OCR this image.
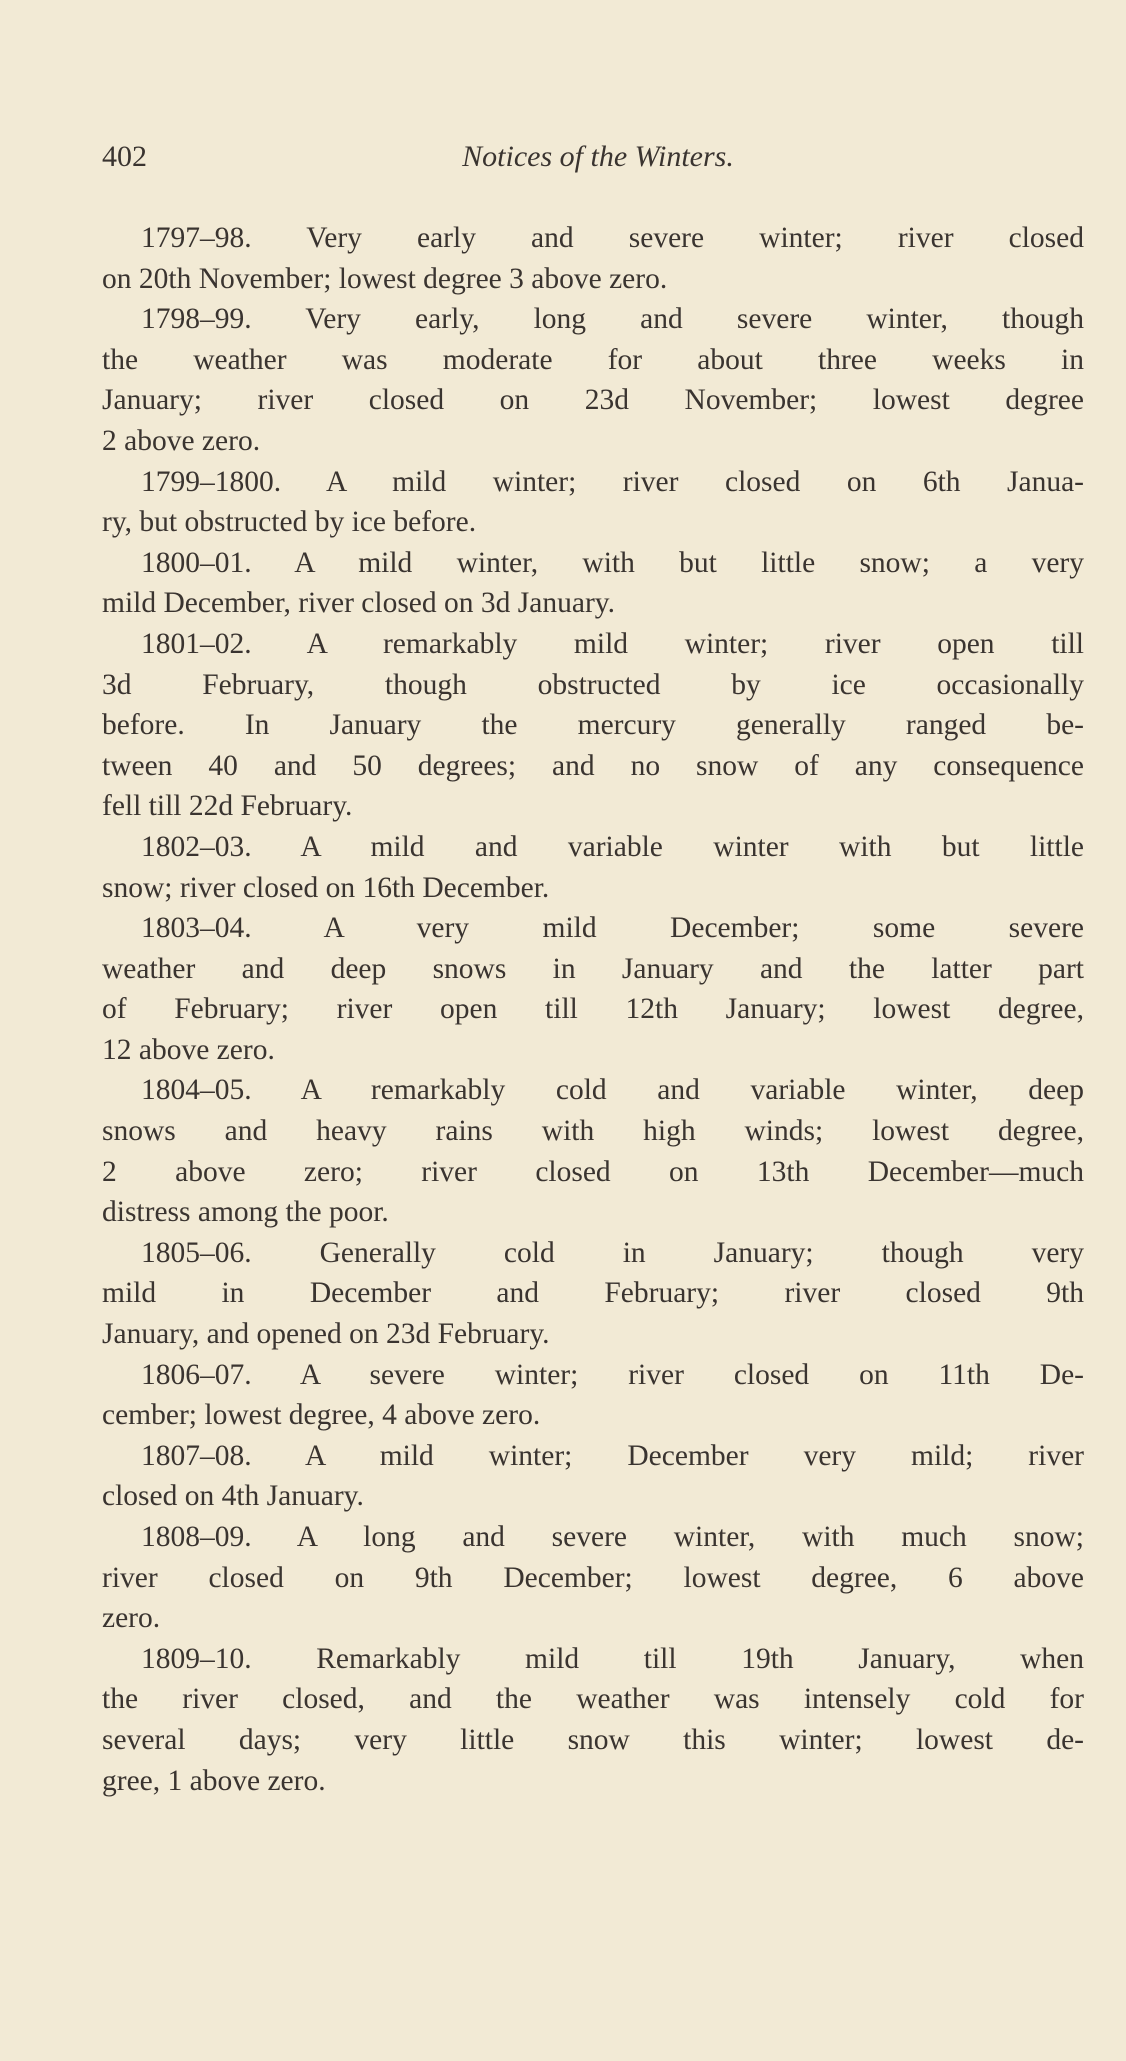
Notices of the Winters.
402
1797–98. Very early and severe winter; river closed
on 20th November; lowest degree 3 above zero.
1798–99. Very early, long and severe winter, though
the weather was moderate for about three weeks in
January; river closed on 23d November; lowest degree
2 above zero.
1799–1800. A mild winter; river closed on 6th Janua-
ry, but obstructed by ice before.
1800–01. A mild winter, with but little snow; a very
mild December, river closed on 3d January.
1801–02. A remarkably mild winter; river open till
3d February, though obstructed by ice occasionally
before. In January the mercury generally ranged be-
tween 40 and 50 degrees; and no snow of any consequence
fell till 22d February.
1802–03. A mild and variable winter with but little
snow; river closed on 16th December.
1803–04. A very mild December; some severe
weather and deep snows in January and the latter part
of February; river open till 12th January; lowest degree,
12 above zero.
1804–05. A remarkably cold and variable winter, deep
snows and heavy rains with high winds; lowest degree,
2 above zero; river closed on 13th December—much
distress among the poor.
1805–06. Generally cold in January; though very
mild in December and February; river closed 9th
January, and opened on 23d February.
1806–07. A severe winter; river closed on 11th De-
cember; lowest degree, 4 above zero.
1807–08. A mild winter; December very mild; river
closed on 4th January.
1808–09. A long and severe winter, with much snow;
river closed on 9th December; lowest degree, 6 above
zero.
1809–10. Remarkably mild till 19th January, when
the river closed, and the weather was intensely cold for
several days; very little snow this winter; lowest de-
gree, 1 above zero.
